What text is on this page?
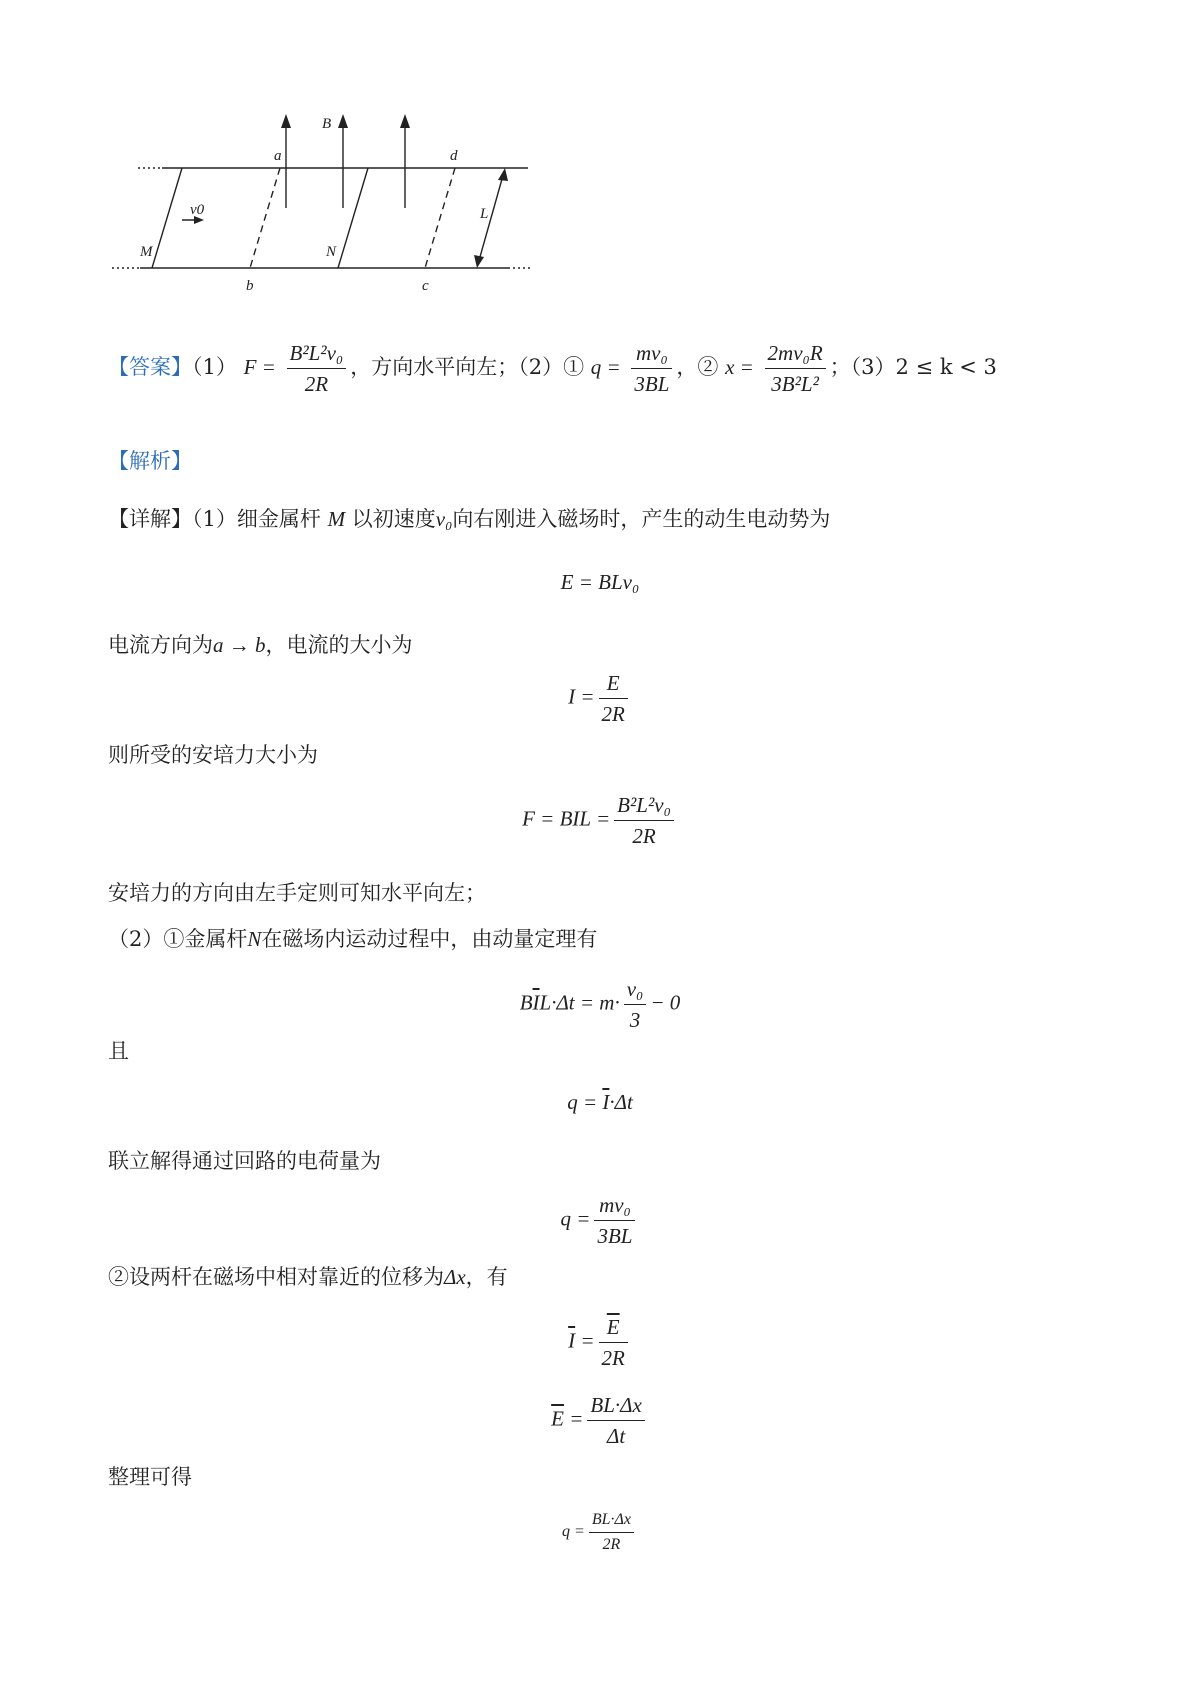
B
a	d
v0
M	N
L
b	c
【答案】（1） $F = \frac{\text{B²L²v₀}}{2R}$ ，方向水平向左；（2）① $q = \frac{\text{mv₀}}{3BL}$ ，② $x = \frac{\text{2mv₀R}}{\text{3B²L²}}$ ；（3）2 ≤ k < 3
【解析】
【详解】（1）细金属杆 M 以初速度v₀向右刚进入磁场时，产生的动生电动势为
E = BLv₀
电流方向为a → b，电流的大小为
$I = \frac{E}{2R}$
则所受的安培力大小为
F = BIL = $\frac{\text{B²L²v₀}}{2R}$
安培力的方向由左手定则可知水平向左；
（2）①金属杆N在磁场内运动过程中，由动量定理有
$B\overline{I}L\cdot\Delta t = m\cdot \frac{\text{v₀}}{3} - 0$
且
$q = \overline{I}\cdot\Delta t$
联立解得通过回路的电荷量为
$q = \frac{\text{mv₀}}{3BL}$
②设两杆在磁场中相对靠近的位移为Δx，有
$\overline{I} = \frac{\overline{E}}{2R}$
$\overline{E} = \frac{BL\cdot\Delta x}{\Delta t}$
整理可得
$q = \frac{BL\cdot\Delta x}{2R}$
